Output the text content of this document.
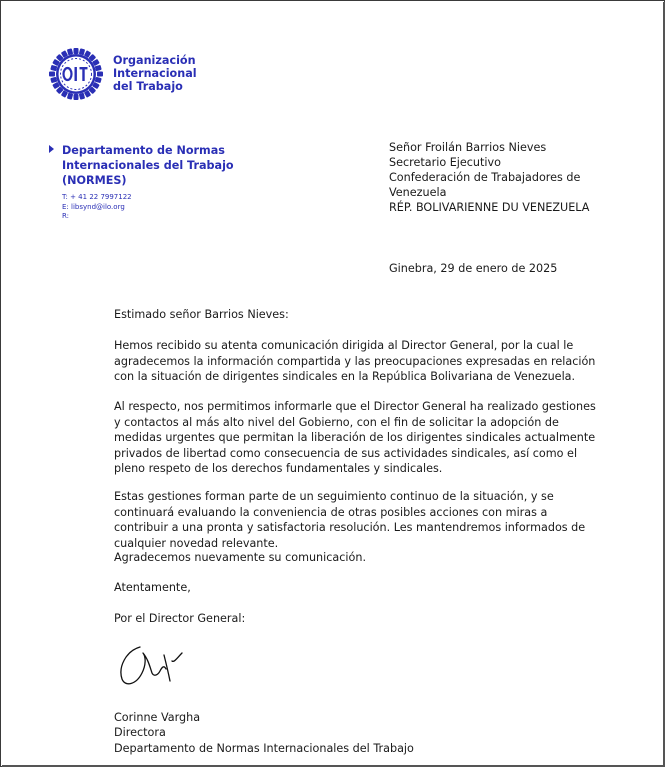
Organización
Internacional
del Trabajo
Departamento de Normas
Internacionales del Trabajo
(NORMES)
T: + 41 22 7997122
E: libsynd@ilo.org
R:
Señor Froilán Barrios Nieves
Secretario Ejecutivo
Confederación de Trabajadores de
Venezuela
RÉP. BOLIVARIENNE DU VENEZUELA
Ginebra, 29 de enero de 2025
Estimado señor Barrios Nieves:
Hemos recibido su atenta comunicación dirigida al Director General, por la cual le agradecemos la información compartida y las preocupaciones expresadas en relación con la situación de dirigentes sindicales en la República Bolivariana de Venezuela.
Al respecto, nos permitimos informarle que el Director General ha realizado gestiones y contactos al más alto nivel del Gobierno, con el fin de solicitar la adopción de medidas urgentes que permitan la liberación de los dirigentes sindicales actualmente privados de libertad como consecuencia de sus actividades sindicales, así como el pleno respeto de los derechos fundamentales y sindicales.
Estas gestiones forman parte de un seguimiento continuo de la situación, y se continuará evaluando la conveniencia de otras posibles acciones con miras a contribuir a una pronta y satisfactoria resolución. Les mantendremos informados de cualquier novedad relevante.
Agradecemos nuevamente su comunicación.
Atentamente,
Por el Director General:
Corinne Vargha
Directora
Departamento de Normas Internacionales del Trabajo
